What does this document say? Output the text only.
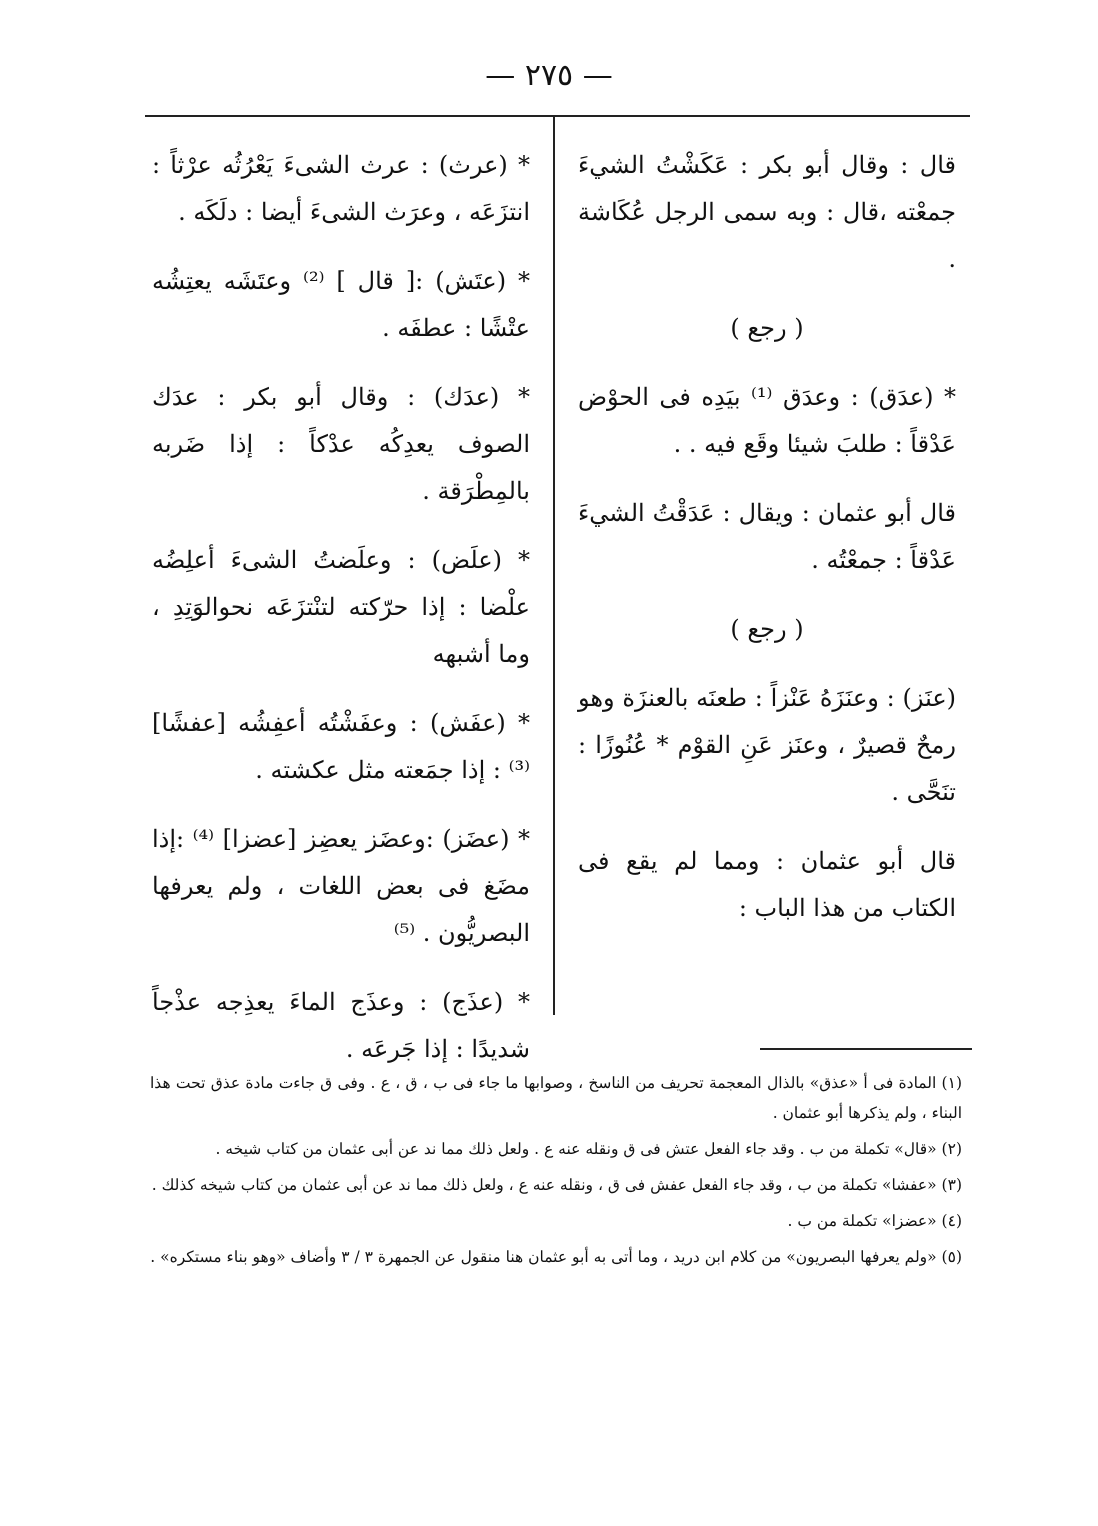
— ٢٧٥ —

قال : وقال أبو بكر : عَكَشْتُ الشيءَ جمعْته ،قال : وبه سمى الرجل عُكَاشة .

( رجع )

* (عدَق) : وعدَق ⁽¹⁾ بيَدِه فى الحوْض عَدْقاً : طلبَ شيئا وقَع فيه . .

قال أبو عثمان : ويقال : عَدَقْتُ الشيءَ عَدْقاً : جمعْتُه .

( رجع )

(عنَز) : وعنَزَهُ عَنْزاً : طعنَه بالعنزَة وهو رمحٌ قصيرٌ ، وعنَز عَنِ القوْم * عُنُوزًا : تنَحَّى .

قال أبو عثمان : ومما لم يقع فى الكتاب من هذا الباب :

* (عرث) : عرث الشىءَ يَعْرُثُه عرْثاً : انتزَعَه ، وعرَث الشىءَ أيضا : دلَكَه .

* (عتَش) :[ قال ] ⁽²⁾ وعتَشَه يعتِشُه عتْشًا : عطفَه .

* (عدَك) : وقال أبو بكر : عدَك الصوف يعدِكُه عدْكاً : إذا ضَربه بالمِطْرَقة .

* (علَض) : وعلَضتُ الشىءَ أعلِضُه علْضا : إذا حرّكته لتنْتزَعَه نحوالوَتِدِ ، وما أشبهه

* (عفَش) : وعفَشْتُه أعفِشُه [عفشًا] ⁽³⁾ : إذا جمَعته مثل عكشته .

* (عضَز) :وعضَز يعضِز [عضزا] ⁽⁴⁾ :إذا مضَغ فى بعض اللغات ، ولم يعرفها البصريُّون . ⁽⁵⁾

* (عذَج) : وعذَج الماءَ يعذِجه عذْجاً شديدًا : إذا جَرعَه .

(١) المادة فى أ «عذق» بالذال المعجمة تحريف من الناسخ ، وصوابها ما جاء فى ب ، ق ، ع . وفى ق جاءت مادة عذق تحت هذا البناء ، ولم يذكرها أبو عثمان .

(٢) «قال» تكملة من ب . وقد جاء الفعل عتش فى ق ونقله عنه ع . ولعل ذلك مما ند عن أبى عثمان من كتاب شيخه .

(٣) «عفشا» تكملة من ب ، وقد جاء الفعل عفش فى ق ، ونقله عنه ع ، ولعل ذلك مما ند عن أبى عثمان من كتاب شيخه كذلك .

(٤) «عضزا» تكملة من ب .

(٥) «ولم يعرفها البصريون» من كلام ابن دريد ، وما أتى به أبو عثمان هنا منقول عن الجمهرة ٣ / ٣ وأضاف «وهو بناء مستكره» .
